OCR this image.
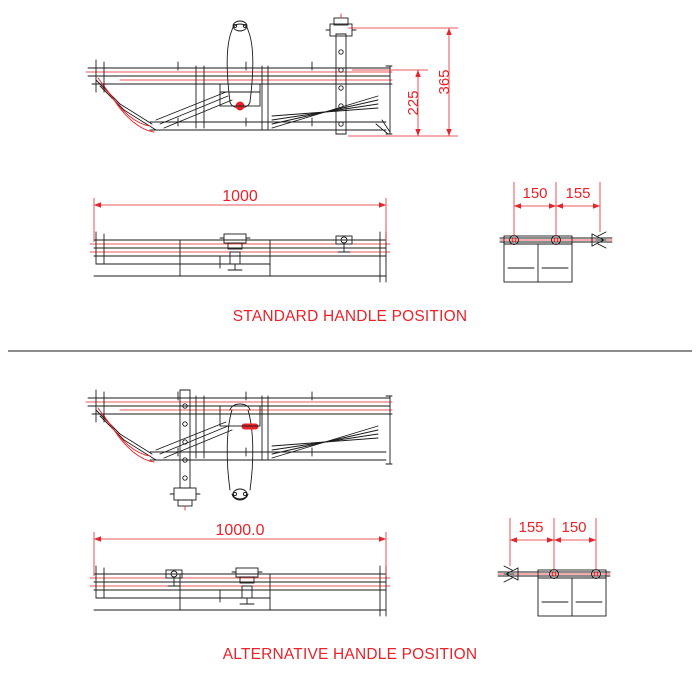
365
225
1000	150 155
1000.0	155 150
STANDARD HANDLE POSITION
ALTERNATIVE HANDLE POSITION
